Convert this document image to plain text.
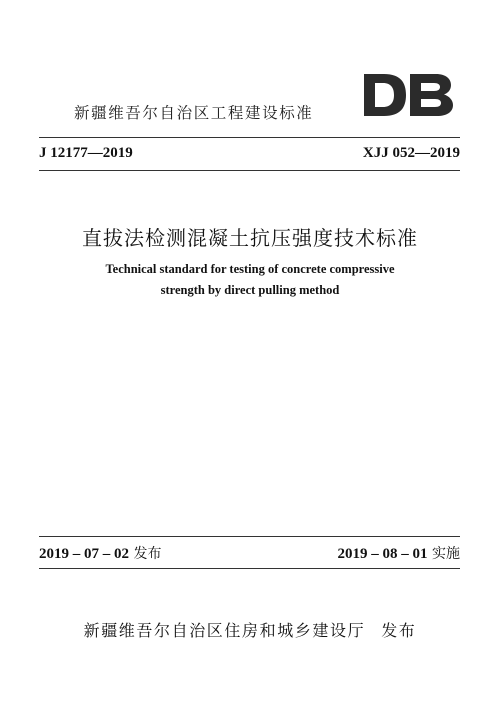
新疆维吾尔自治区工程建设标准
J 12177—2019	XJJ 052—2019
直拔法检测混凝土抗压强度技术标准
Technical standard for testing of concrete compressive
strength by direct pulling method
2019 – 07 – 02 发布	2019 – 08 – 01 实施
新疆维吾尔自治区住房和城乡建设厅 发布
